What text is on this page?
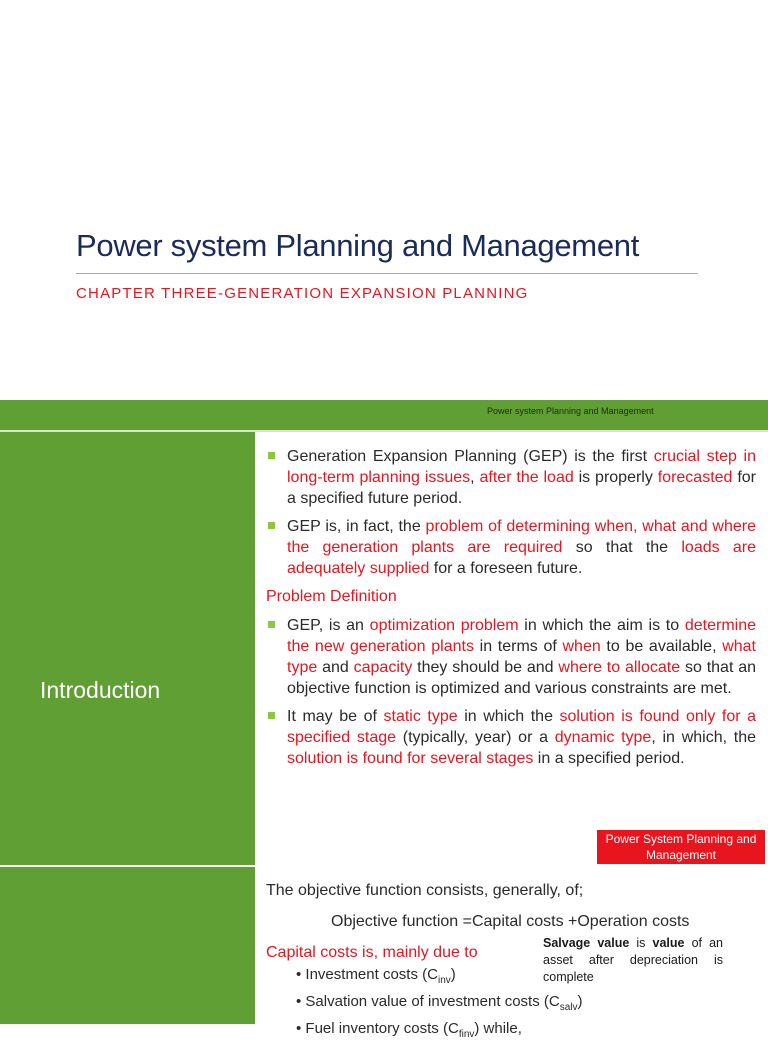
Power system Planning and Management
CHAPTER THREE-GENERATION EXPANSION PLANNING
Power system Planning and Management
Introduction
Generation Expansion Planning (GEP) is the first crucial step in long-term planning issues, after the load is properly forecasted for a specified future period.
GEP is, in fact, the problem of determining when, what and where the generation plants are required so that the loads are adequately supplied for a foreseen future.
Problem Definition
GEP, is an optimization problem in which the aim is to determine the new generation plants in terms of when to be available, what type and capacity they should be and where to allocate so that an objective function is optimized and various constraints are met.
It may be of static type in which the solution is found only for a specified stage (typically, year) or a dynamic type, in which, the solution is found for several stages in a specified period.
Power System Planning and Management
The objective function consists, generally, of;
Objective function =Capital costs +Operation costs
Capital costs is, mainly due to
• Investment costs $(C_{inv})$
• Salvation value of investment costs $(C_{salv})$
• Fuel inventory costs $(C_{finv})$ while,
Salvage value is value of an asset after depreciation is complete
